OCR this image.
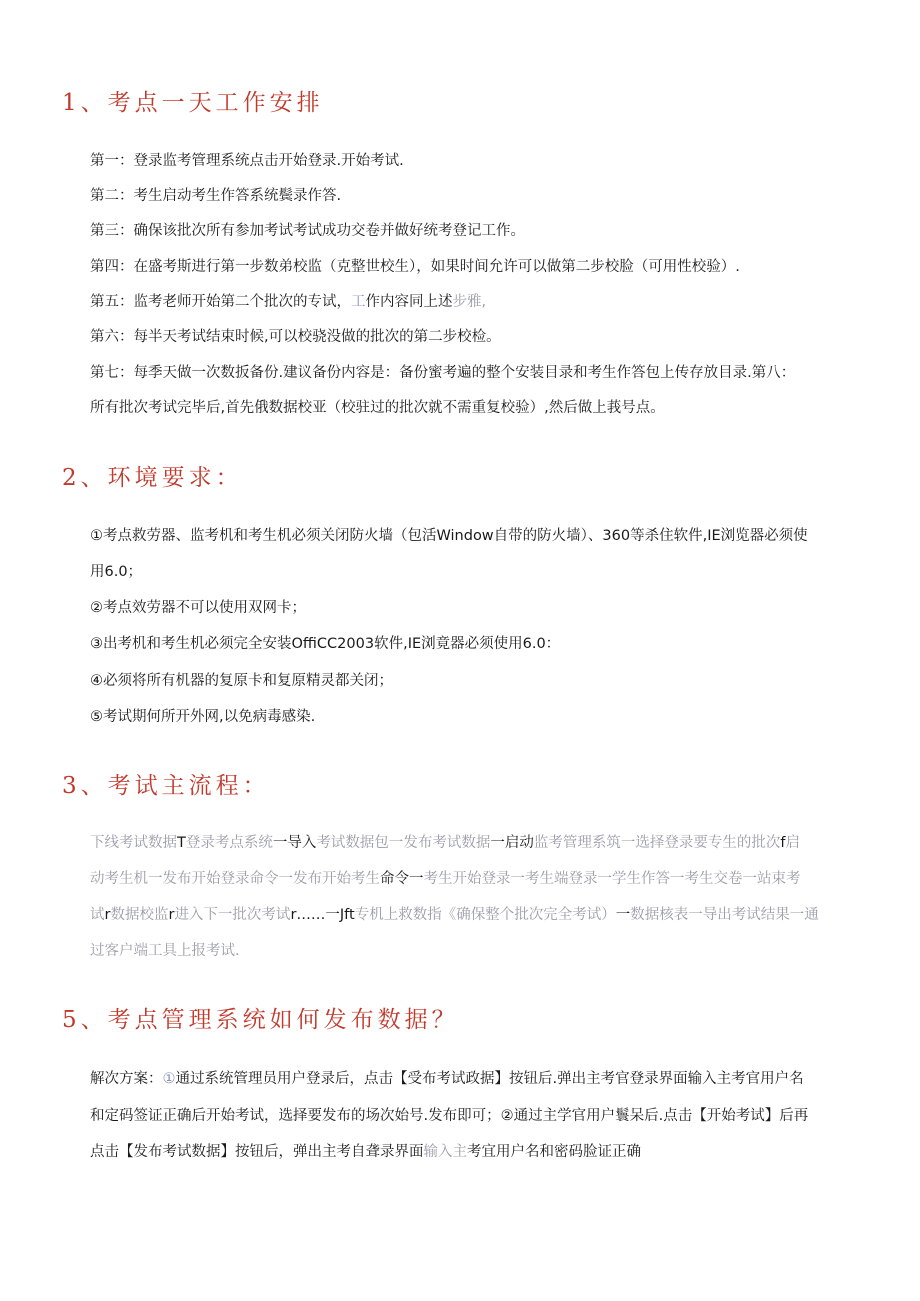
1、考点一天工作安排
第一：登录监考管理系统点击开始登录.开始考试.
第二：考生启动考生作答系统鬓录作答.
第三：确保该批次所有参加考试考试成功交卷并做好统考登记工作。
第四：在盛考斯进行第一步数弟校监（克整世校生），如果时间允许可以做第二步校脸（可用性校验）.
第五：监考老师开始第二个批次的专试，工作内容同上述步雅,
第六：每半天考试结束时候,可以校骁没做的批次的第二步校检。
第七：每季天做一次数扳备份.建议备份内容是：备份蜜考遍的整个安装目录和考生作答包上传存放目录.第八：
所有批次考试完毕后,首先俄数据校亚（校驻过的批次就不需重复校验）,然后做上莪号点。
2、环境要求：
①考点救劳器、监考机和考生机必须关闭防火墙（包活Window自带的防火墙）、360等杀住软件,IE浏览器必须使
用6.0；
②考点效劳器不可以使用双网卡；
③出考机和考生机必须完全安装OffiCC2003软件,IE浏竟器必须使用6.0：
④必须将所有机器的复原卡和复原精灵都关闭；
⑤考试期何所开外网,以免病毒感染.
3、考试主流程：
下线考试数据T登录考点系统一导入考试数据包一发布考试数据一启动监考管理系筑一选择登录要专生的批次f启
动考生机一发布开始登录命令一发布开始考生命令一考生开始登录一考生端登录一学生作答一考生交卷一站束考
试r数据校监r进入下一批次考试r……一Jft专机上救数指《确保整个批次完全考试）一数据核表一导出考试结果一通
过客户端工具上报考试.
5、考点管理系统如何发布数据？
解次方案：①通过系统管理员用户登录后，点击【受布考试政据】按钮后.弹出主考官登录界面输入主考官用户名
和定码签证正确后开始考试，选择要发布的场次始号.发布即可；②通过主学官用户鬟呆后.点击【开始考试】后再
点击【发布考试数据】按钮后，弹出主考自聋录界面输入主考宜用户名和密码脸证正确
